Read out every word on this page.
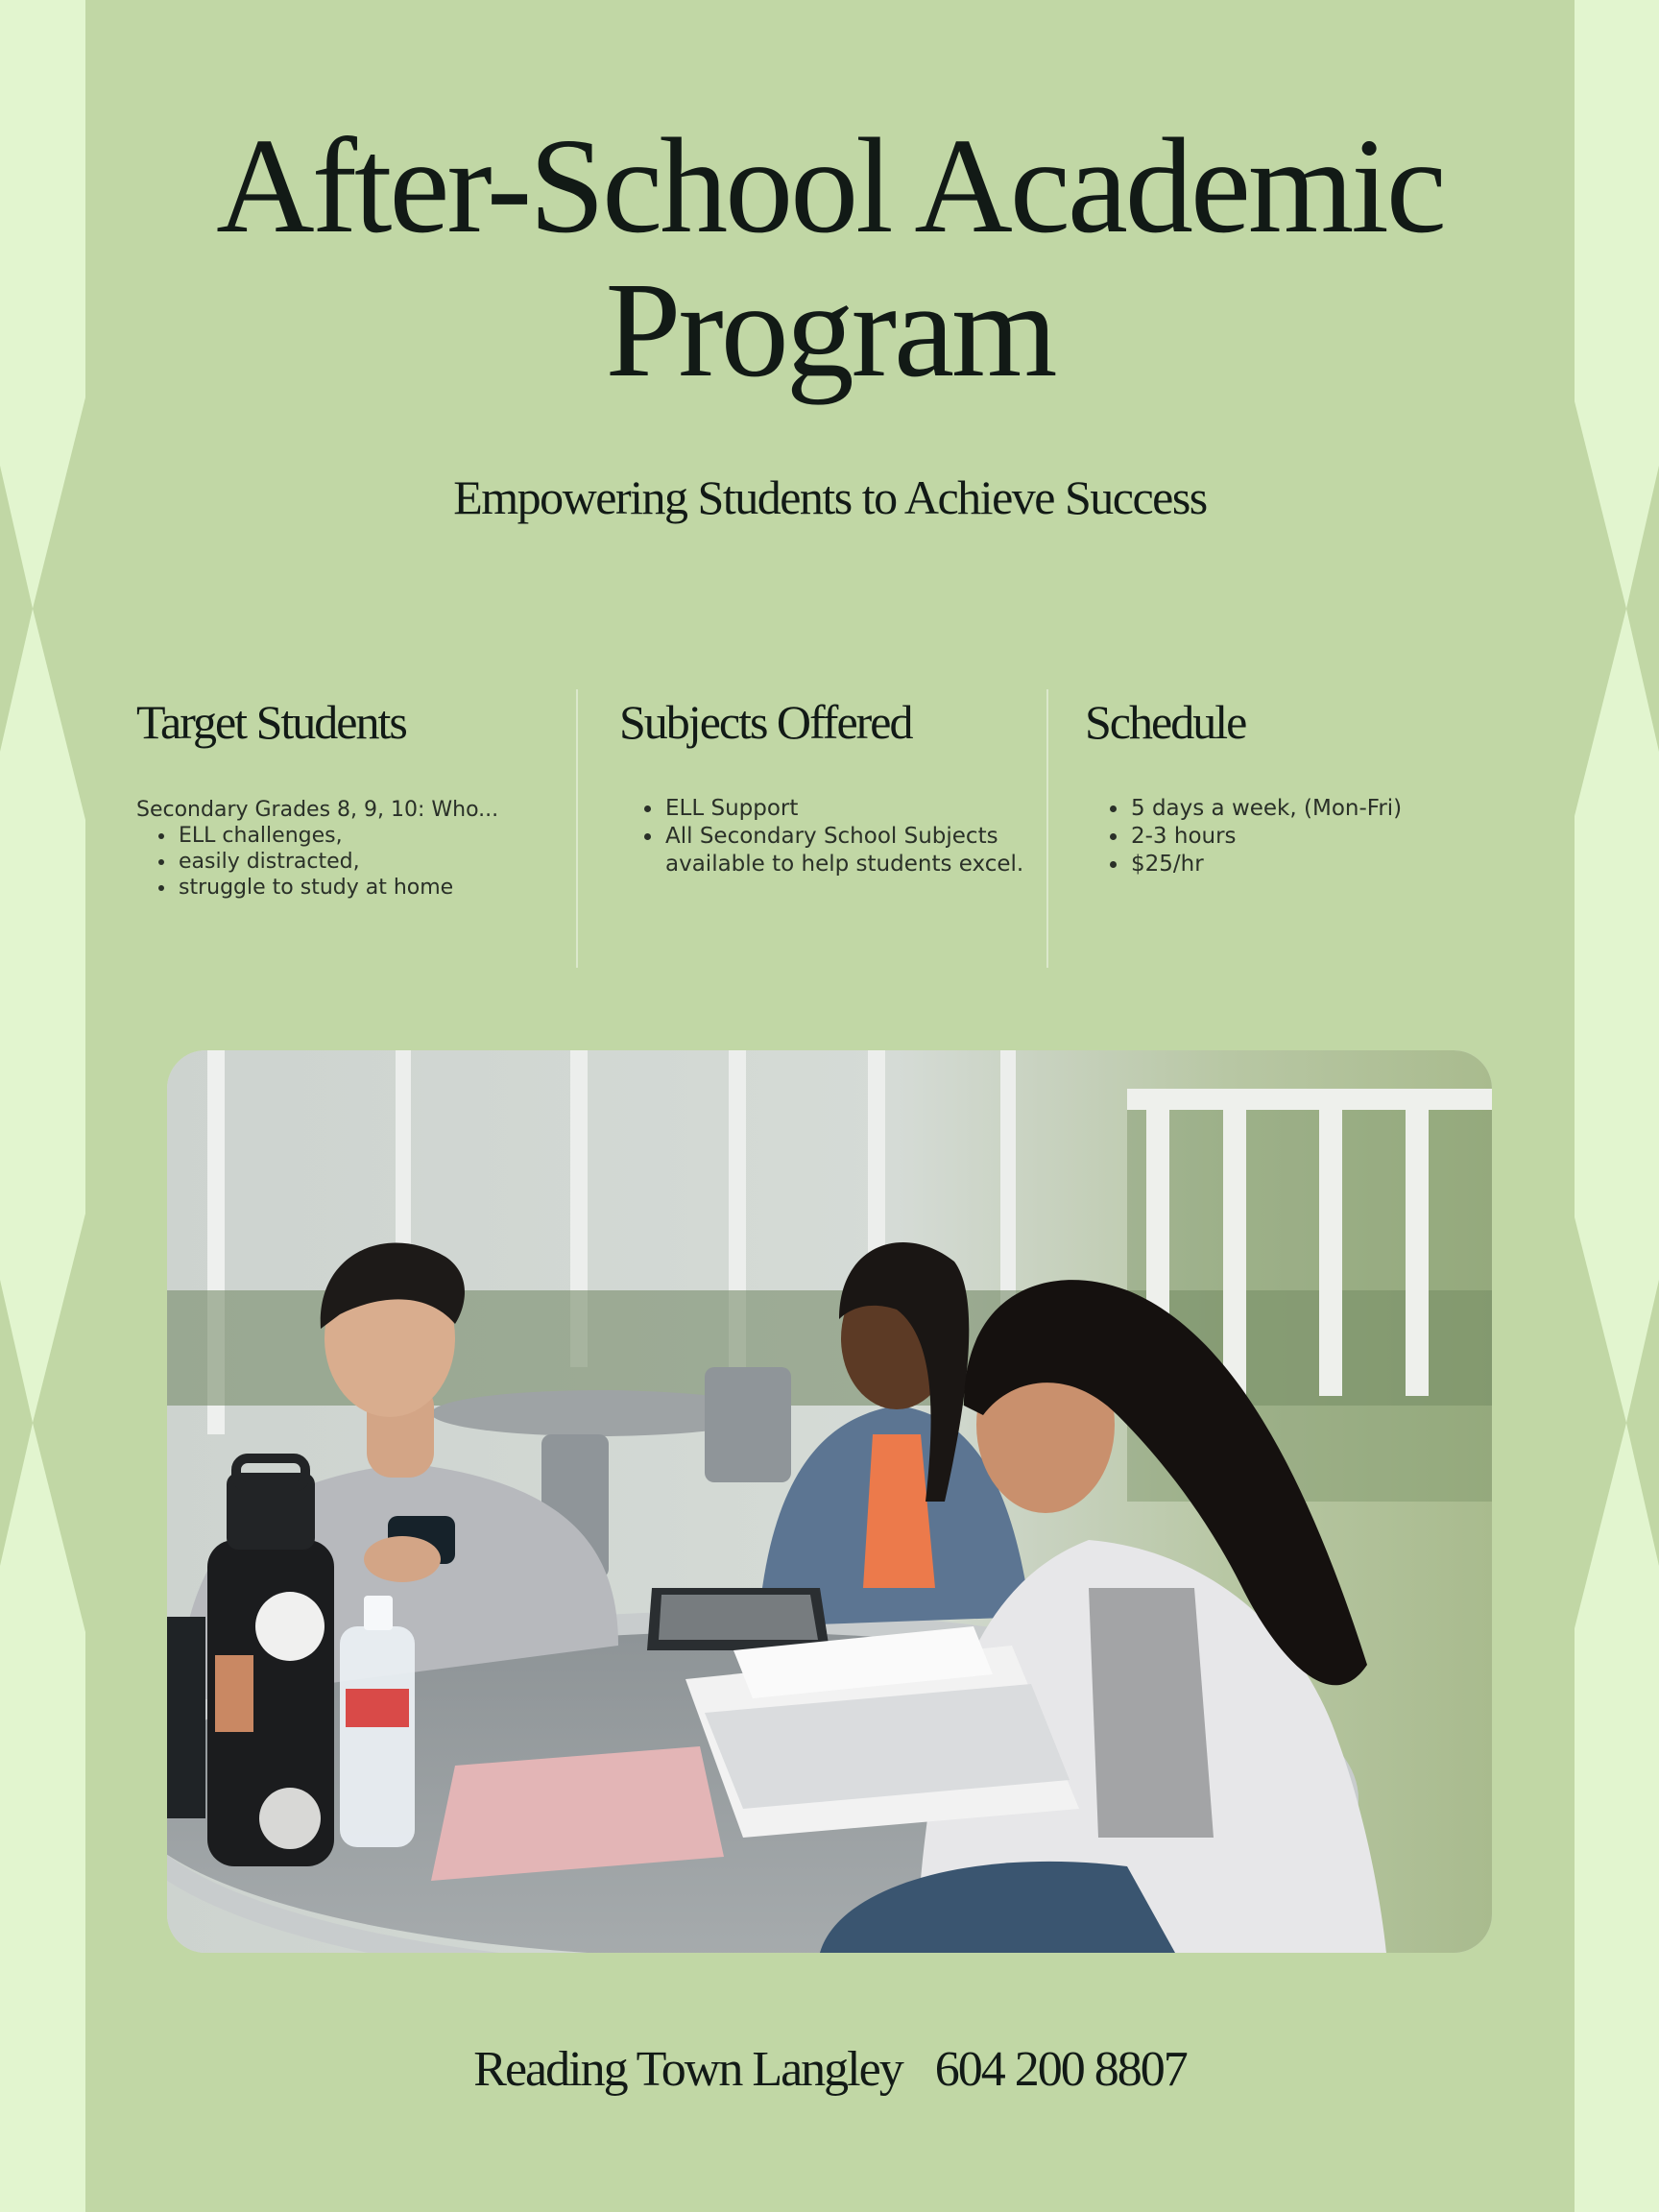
After-School Academic
Program

Empowering Students to Achieve Success

Target Students
Secondary Grades 8, 9, 10: Who...
• ELL challenges,
• easily distracted,
• struggle to study at home
Subjects Offered
• ELL Support
• All Secondary School Subjects available to help students excel.
Schedule
• 5 days a week, (Mon-Fri)
• 2-3 hours
• $25/hr
Reading Town Langley 604 200 8807
